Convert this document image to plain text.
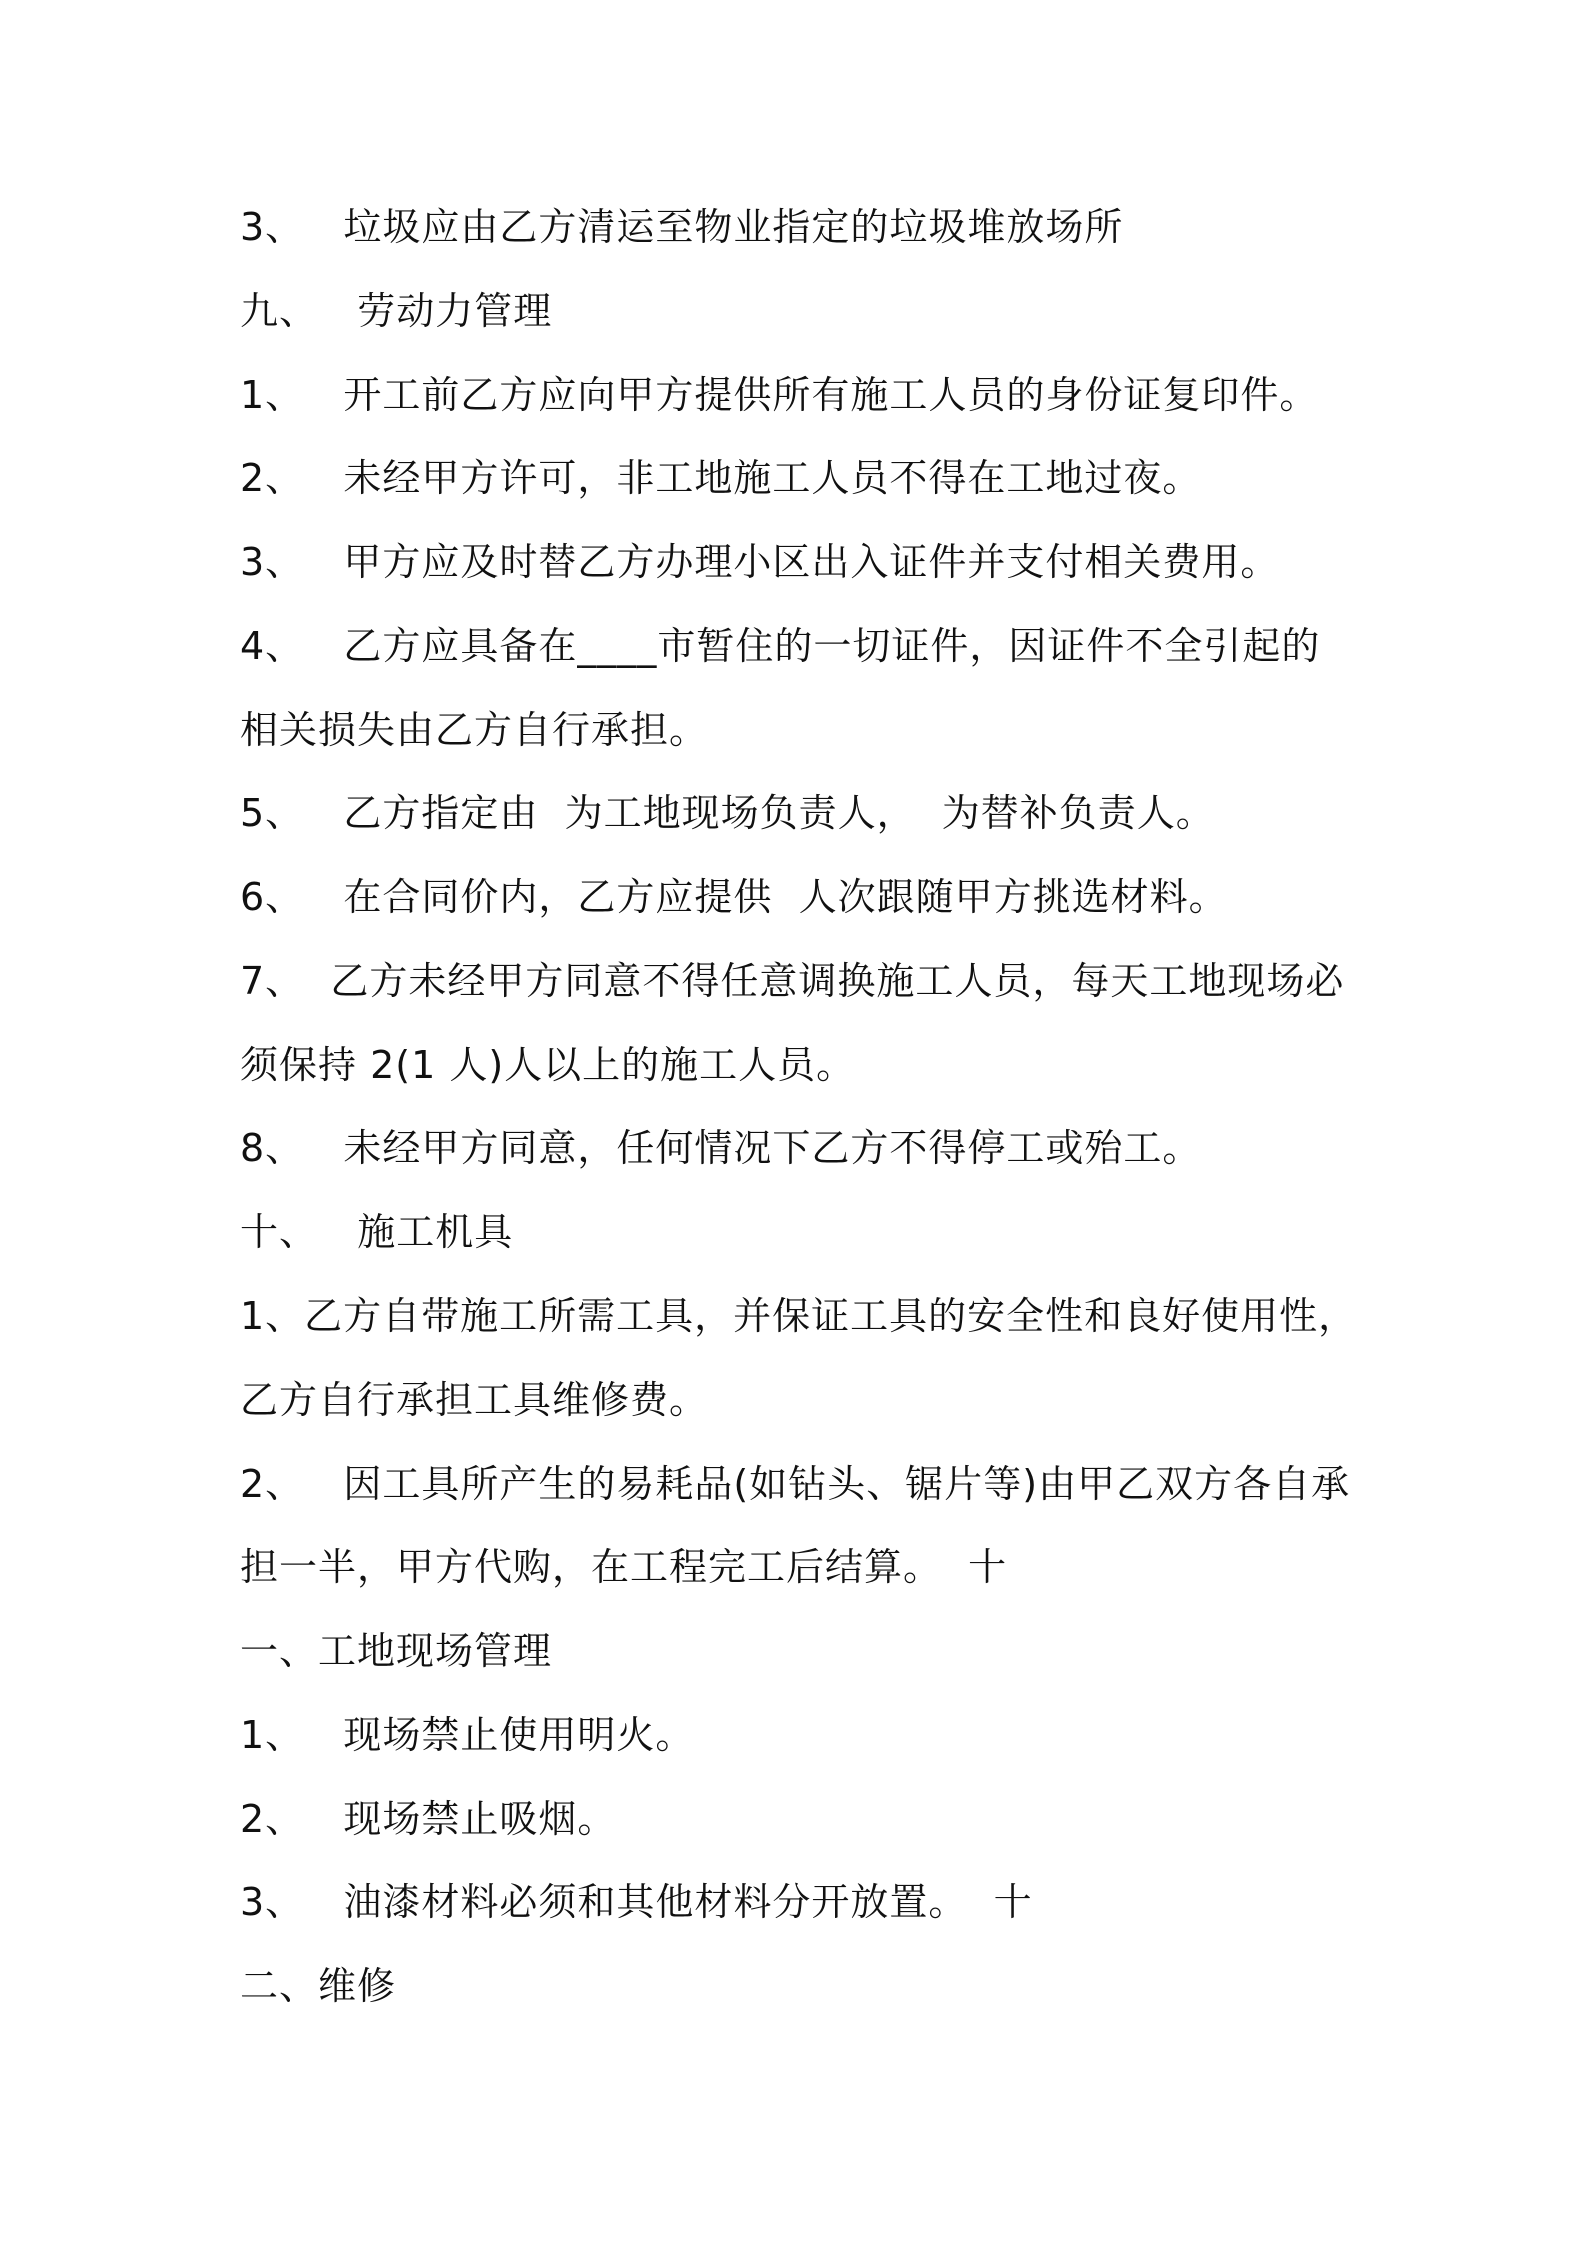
3、   垃圾应由乙方清运至物业指定的垃圾堆放场所
九、   劳动力管理
1、   开工前乙方应向甲方提供所有施工人员的身份证复印件。
2、   未经甲方许可，非工地施工人员不得在工地过夜。
3、   甲方应及时替乙方办理小区出入证件并支付相关费用。
4、   乙方应具备在____市暂住的一切证件，因证件不全引起的
相关损失由乙方自行承担。
5、   乙方指定由  为工地现场负责人，  为替补负责人。
6、   在合同价内，乙方应提供  人次跟随甲方挑选材料。
7、  乙方未经甲方同意不得任意调换施工人员，每天工地现场必
须保持 2(1 人)人以上的施工人员。
8、   未经甲方同意，任何情况下乙方不得停工或殆工。
十、   施工机具
1、乙方自带施工所需工具，并保证工具的安全性和良好使用性，
乙方自行承担工具维修费。
2、   因工具所产生的易耗品(如钻头、锯片等)由甲乙双方各自承
担一半，甲方代购，在工程完工后结算。  十
一、工地现场管理
1、   现场禁止使用明火。
2、   现场禁止吸烟。
3、   油漆材料必须和其他材料分开放置。  十
二、维修
